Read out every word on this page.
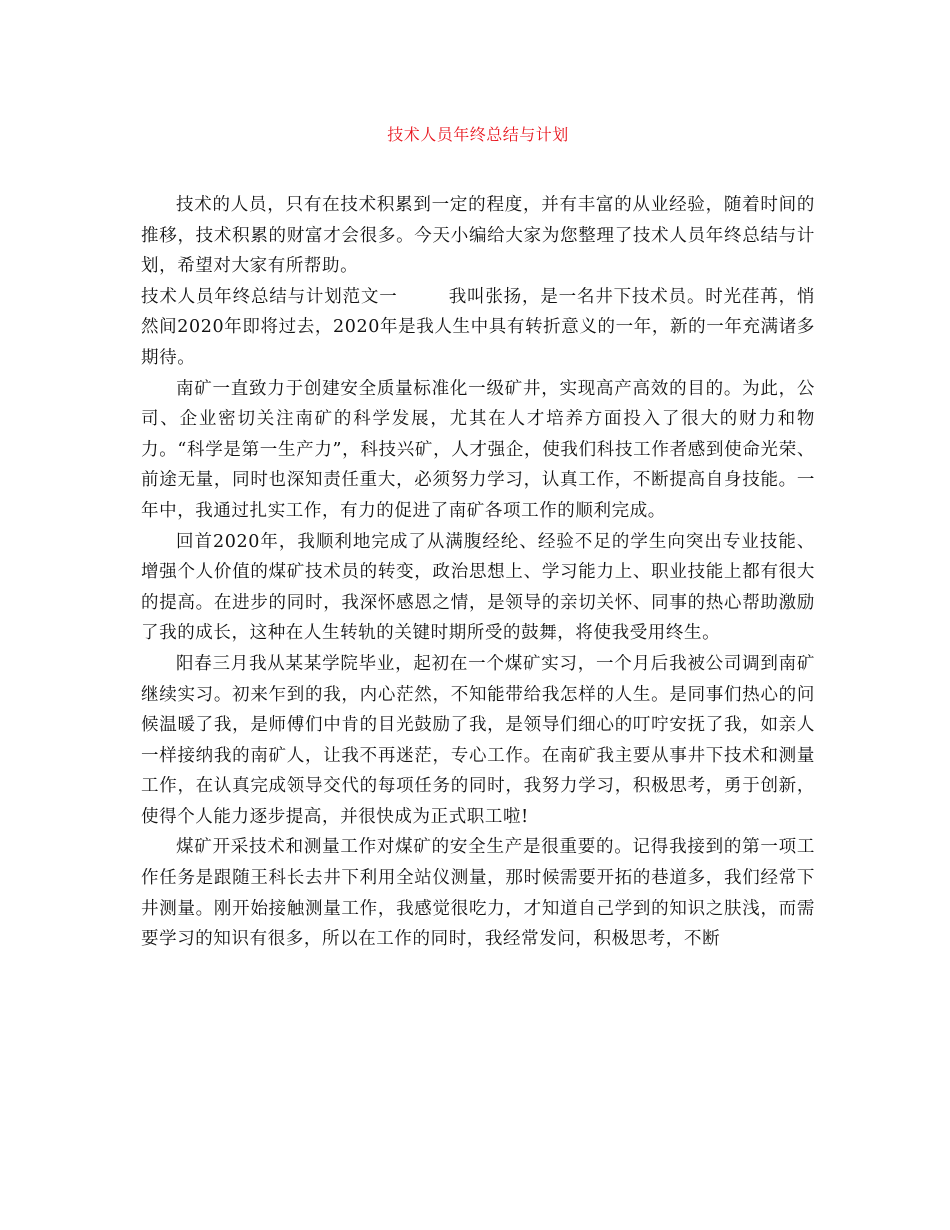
技术人员年终总结与计划

技术的人员，只有在技术积累到一定的程度，并有丰富的从业经验，随着时间的推移，技术积累的财富才会很多。今天小编给大家为您整理了技术人员年终总结与计划，希望对大家有所帮助。

技术人员年终总结与计划范文一	我叫张扬，是一名井下技术员。时光荏苒，悄然间2020年即将过去，2020年是我人生中具有转折意义的一年，新的一年充满诸多期待。

南矿一直致力于创建安全质量标准化一级矿井，实现高产高效的目的。为此，公司、企业密切关注南矿的科学发展，尤其在人才培养方面投入了很大的财力和物力。“科学是第一生产力”，科技兴矿，人才强企，使我们科技工作者感到使命光荣、前途无量，同时也深知责任重大，必须努力学习，认真工作，不断提高自身技能。一年中，我通过扎实工作，有力的促进了南矿各项工作的顺利完成。

回首2020年，我顺利地完成了从满腹经纶、经验不足的学生向突出专业技能、增强个人价值的煤矿技术员的转变，政治思想上、学习能力上、职业技能上都有很大的提高。在进步的同时，我深怀感恩之情，是领导的亲切关怀、同事的热心帮助激励了我的成长，这种在人生转轨的关键时期所受的鼓舞，将使我受用终生。

阳春三月我从某某学院毕业，起初在一个煤矿实习，一个月后我被公司调到南矿继续实习。初来乍到的我，内心茫然，不知能带给我怎样的人生。是同事们热心的问候温暖了我，是师傅们中肯的目光鼓励了我，是领导们细心的叮咛安抚了我，如亲人一样接纳我的南矿人，让我不再迷茫，专心工作。在南矿我主要从事井下技术和测量工作，在认真完成领导交代的每项任务的同时，我努力学习，积极思考，勇于创新，使得个人能力逐步提高，并很快成为正式职工啦!

煤矿开采技术和测量工作对煤矿的安全生产是很重要的。记得我接到的第一项工作任务是跟随王科长去井下利用全站仪测量，那时候需要开拓的巷道多，我们经常下井测量。刚开始接触测量工作，我感觉很吃力，才知道自己学到的知识之肤浅，而需要学习的知识有很多，所以在工作的同时，我经常发问，积极思考，不断
